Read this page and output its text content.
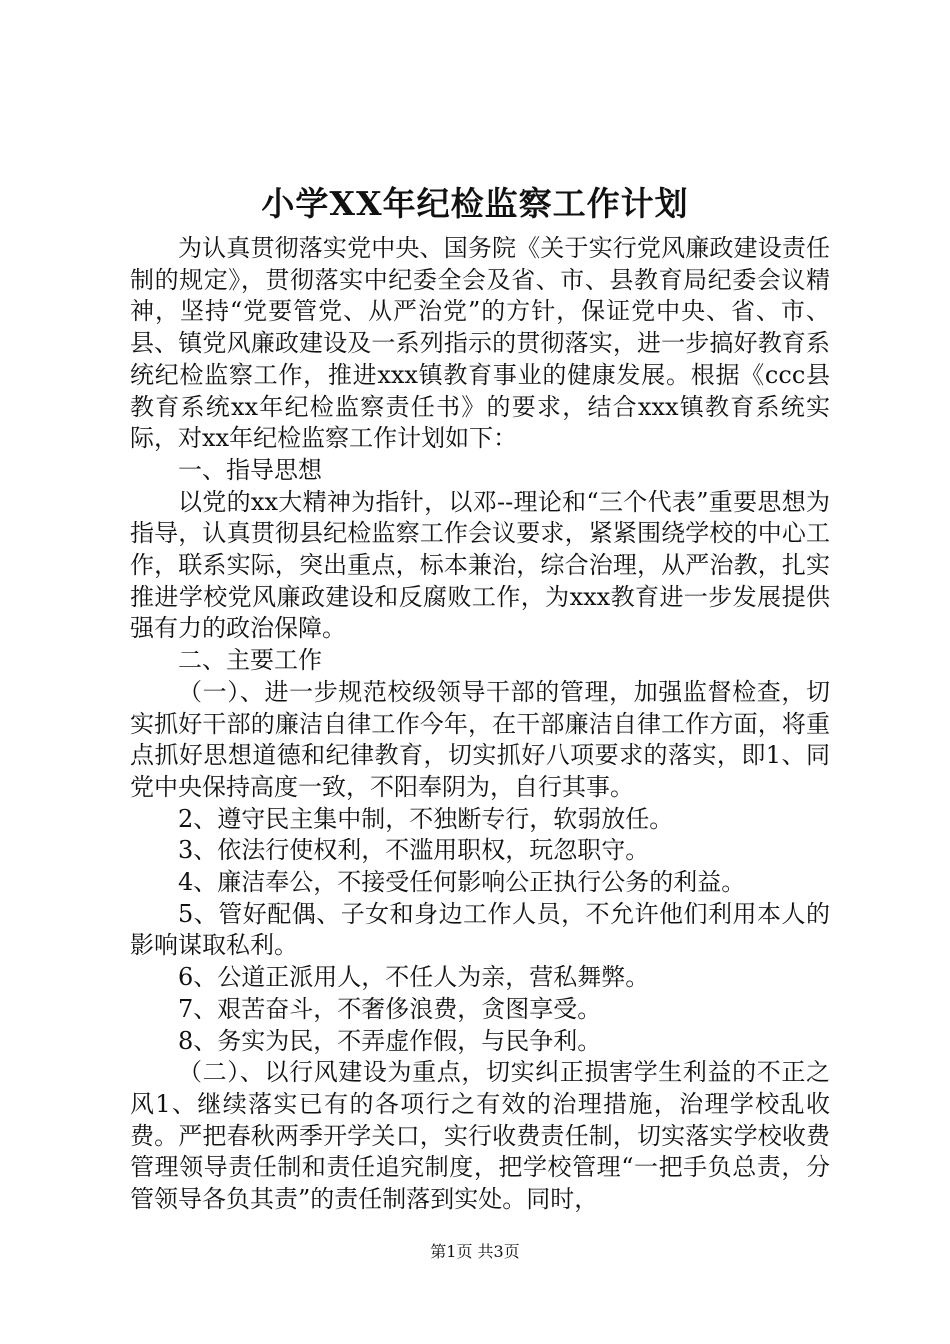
小学XX年纪检监察工作计划

为认真贯彻落实党中央、国务院《关于实行党风廉政建设责任制的规定》，贯彻落实中纪委全会及省、市、县教育局纪委会议精神，坚持“党要管党、从严治党”的方针，保证党中央、省、市、县、镇党风廉政建设及一系列指示的贯彻落实，进一步搞好教育系统纪检监察工作，推进xxx镇教育事业的健康发展。根据《ccc县教育系统xx年纪检监察责任书》的要求，结合xxx镇教育系统实际，对xx年纪检监察工作计划如下：

一、指导思想

以党的xx大精神为指针，以邓--理论和“三个代表”重要思想为指导，认真贯彻县纪检监察工作会议要求，紧紧围绕学校的中心工作，联系实际，突出重点，标本兼治，综合治理，从严治教，扎实推进学校党风廉政建设和反腐败工作，为xxx教育进一步发展提供强有力的政治保障。

二、主要工作

（一）、进一步规范校级领导干部的管理，加强监督检查，切实抓好干部的廉洁自律工作今年，在干部廉洁自律工作方面，将重点抓好思想道德和纪律教育，切实抓好八项要求的落实，即1、同党中央保持高度一致，不阳奉阴为，自行其事。

2、遵守民主集中制，不独断专行，软弱放任。

3、依法行使权利，不滥用职权，玩忽职守。

4、廉洁奉公，不接受任何影响公正执行公务的利益。

5、管好配偶、子女和身边工作人员，不允许他们利用本人的影响谋取私利。

6、公道正派用人，不任人为亲，营私舞弊。

7、艰苦奋斗，不奢侈浪费，贪图享受。

8、务实为民，不弄虚作假，与民争利。

（二）、以行风建设为重点，切实纠正损害学生利益的不正之风1、继续落实已有的各项行之有效的治理措施，治理学校乱收费。严把春秋两季开学关口，实行收费责任制，切实落实学校收费管理领导责任制和责任追究制度，把学校管理“一把手负总责，分管领导各负其责”的责任制落到实处。同时，

第1页 共3页
